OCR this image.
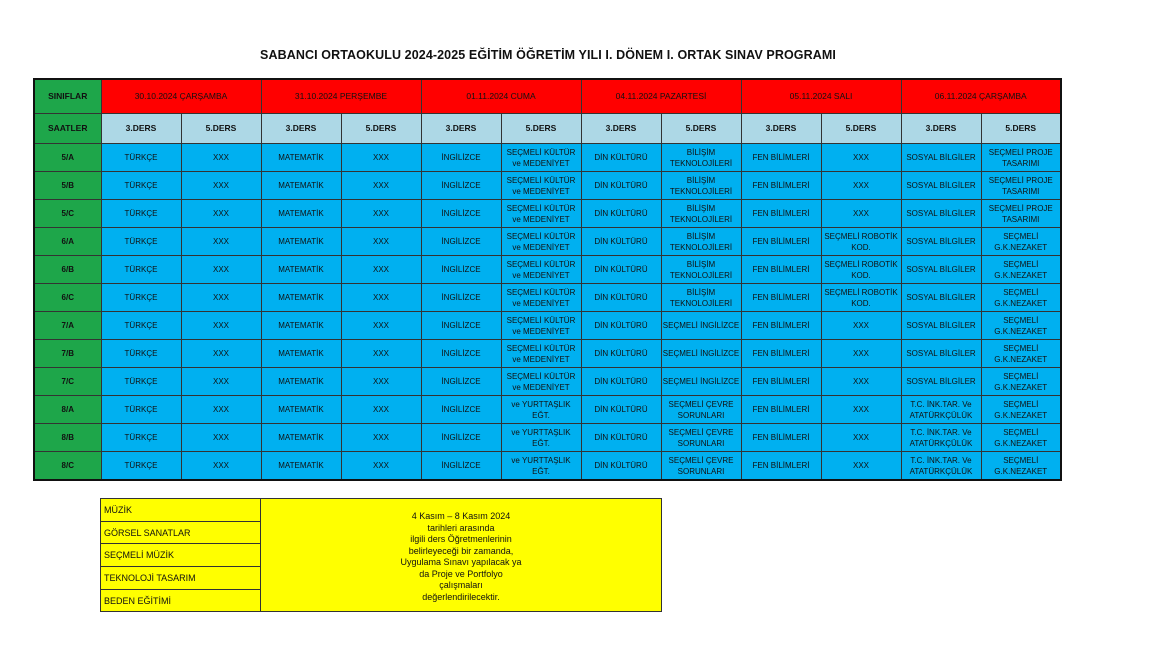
SABANCI ORTAOKULU 2024-2025 EĞİTİM ÖĞRETİM YILI I. DÖNEM I. ORTAK SINAV PROGRAMI
SINIFLAR	30.10.2024 ÇARŞAMBA		31.10.2024 PERŞEMBE		01.11.2024 CUMA		04.11.2024 PAZARTESİ		05.11.2024 SALI		06.11.2024 ÇARŞAMBA	
SAATLER	3.DERS	5.DERS	3.DERS	5.DERS	3.DERS	5.DERS	3.DERS	5.DERS	3.DERS	5.DERS	3.DERS	5.DERS
5/A	TÜRKÇE	XXX	MATEMATİK	XXX	İNGİLİZCE	SEÇMELİ KÜLTÜR ve MEDENİYET	DİN KÜLTÜRÜ	BİLİŞİM TEKNOLOJİLERİ	FEN BİLİMLERİ	XXX	SOSYAL BİLGİLER	SEÇMELİ PROJE TASARIMI
5/B	TÜRKÇE	XXX	MATEMATİK	XXX	İNGİLİZCE	SEÇMELİ KÜLTÜR ve MEDENİYET	DİN KÜLTÜRÜ	BİLİŞİM TEKNOLOJİLERİ	FEN BİLİMLERİ	XXX	SOSYAL BİLGİLER	SEÇMELİ PROJE TASARIMI
5/C	TÜRKÇE	XXX	MATEMATİK	XXX	İNGİLİZCE	SEÇMELİ KÜLTÜR ve MEDENİYET	DİN KÜLTÜRÜ	BİLİŞİM TEKNOLOJİLERİ	FEN BİLİMLERİ	XXX	SOSYAL BİLGİLER	SEÇMELİ PROJE TASARIMI
6/A	TÜRKÇE	XXX	MATEMATİK	XXX	İNGİLİZCE	SEÇMELİ KÜLTÜR ve MEDENİYET	DİN KÜLTÜRÜ	BİLİŞİM TEKNOLOJİLERİ	FEN BİLİMLERİ	SEÇMELİ ROBOTİK KOD.	SOSYAL BİLGİLER	SEÇMELİ G.K.NEZAKET
6/B	TÜRKÇE	XXX	MATEMATİK	XXX	İNGİLİZCE	SEÇMELİ KÜLTÜR ve MEDENİYET	DİN KÜLTÜRÜ	BİLİŞİM TEKNOLOJİLERİ	FEN BİLİMLERİ	SEÇMELİ ROBOTİK KOD.	SOSYAL BİLGİLER	SEÇMELİ G.K.NEZAKET
6/C	TÜRKÇE	XXX	MATEMATİK	XXX	İNGİLİZCE	SEÇMELİ KÜLTÜR ve MEDENİYET	DİN KÜLTÜRÜ	BİLİŞİM TEKNOLOJİLERİ	FEN BİLİMLERİ	SEÇMELİ ROBOTİK KOD.	SOSYAL BİLGİLER	SEÇMELİ G.K.NEZAKET
7/A	TÜRKÇE	XXX	MATEMATİK	XXX	İNGİLİZCE	SEÇMELİ KÜLTÜR ve MEDENİYET	DİN KÜLTÜRÜ	SEÇMELİ İNGİLİZCE	FEN BİLİMLERİ	XXX	SOSYAL BİLGİLER	SEÇMELİ G.K.NEZAKET
7/B	TÜRKÇE	XXX	MATEMATİK	XXX	İNGİLİZCE	SEÇMELİ KÜLTÜR ve MEDENİYET	DİN KÜLTÜRÜ	SEÇMELİ İNGİLİZCE	FEN BİLİMLERİ	XXX	SOSYAL BİLGİLER	SEÇMELİ G.K.NEZAKET
7/C	TÜRKÇE	XXX	MATEMATİK	XXX	İNGİLİZCE	SEÇMELİ KÜLTÜR ve MEDENİYET	DİN KÜLTÜRÜ	SEÇMELİ İNGİLİZCE	FEN BİLİMLERİ	XXX	SOSYAL BİLGİLER	SEÇMELİ G.K.NEZAKET
8/A	TÜRKÇE	XXX	MATEMATİK	XXX	İNGİLİZCE	ve YURTTAŞLIK EĞT.	DİN KÜLTÜRÜ	SEÇMELİ ÇEVRE SORUNLARI	FEN BİLİMLERİ	XXX	T.C. İNK.TAR. Ve ATATÜRKÇÜLÜK	SEÇMELİ G.K.NEZAKET
8/B	TÜRKÇE	XXX	MATEMATİK	XXX	İNGİLİZCE	ve YURTTAŞLIK EĞT.	DİN KÜLTÜRÜ	SEÇMELİ ÇEVRE SORUNLARI	FEN BİLİMLERİ	XXX	T.C. İNK.TAR. Ve ATATÜRKÇÜLÜK	SEÇMELİ G.K.NEZAKET
8/C	TÜRKÇE	XXX	MATEMATİK	XXX	İNGİLİZCE	ve YURTTAŞLIK EĞT.	DİN KÜLTÜRÜ	SEÇMELİ ÇEVRE SORUNLARI	FEN BİLİMLERİ	XXX	T.C. İNK.TAR. Ve ATATÜRKÇÜLÜK	SEÇMELİ G.K.NEZAKET
MÜZİK	
4 Kasım – 8 Kasım 2024
tarihleri arasında
ilgili ders Öğretmenlerinin
belirleyeceği bir zamanda,
Uygulama Sınavı yapılacak ya
da Proje ve Portfolyo
çalışmaları
değerlendirilecektir.

GÖRSEL SANATLAR
SEÇMELİ MÜZİK
TEKNOLOJİ TASARIM
BEDEN EĞİTİMİ
